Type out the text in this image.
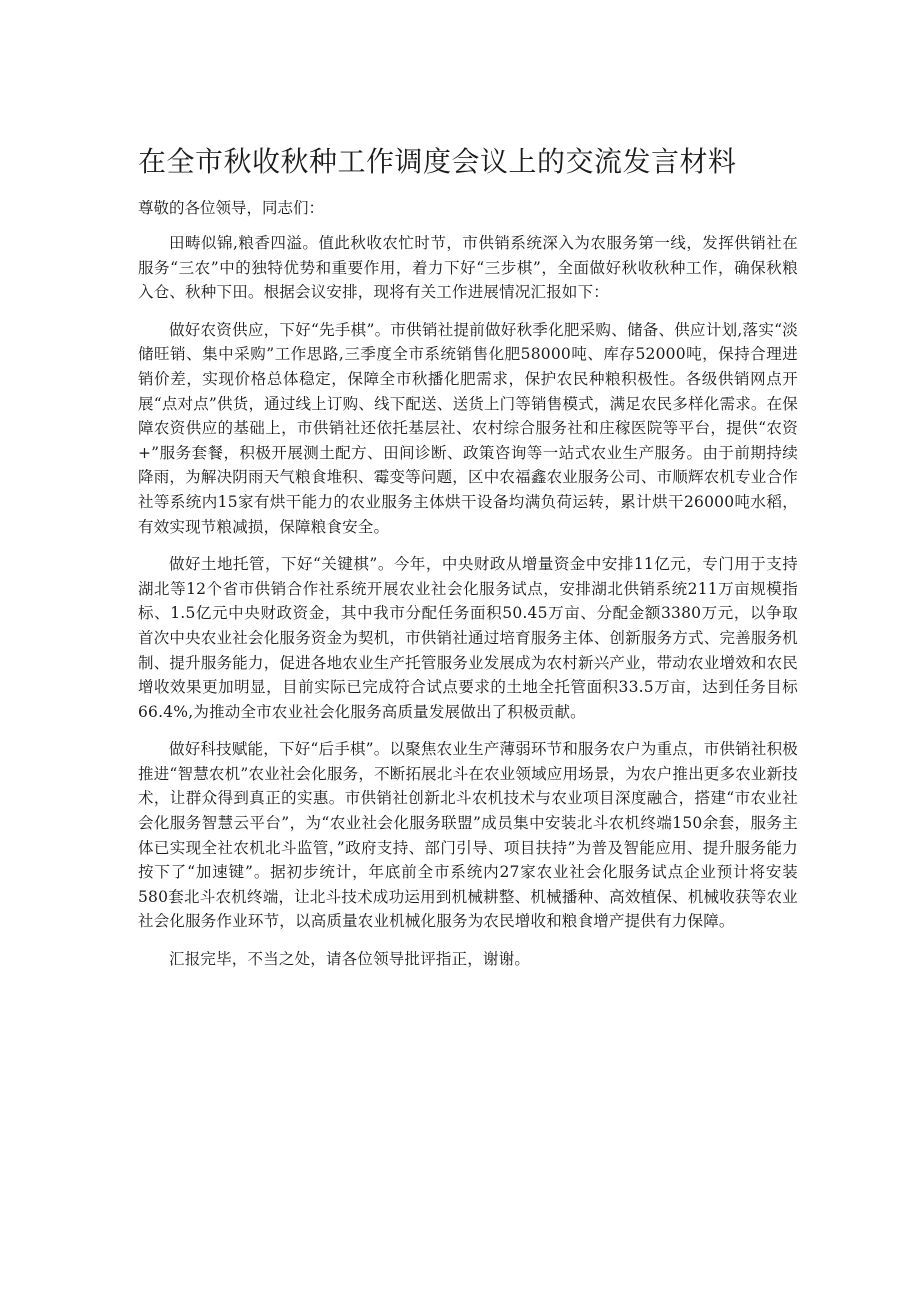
在全市秋收秋种工作调度会议上的交流发言材料

尊敬的各位领导，同志们：

田畴似锦,粮香四溢。值此秋收农忙时节，市供销系统深入为农服务第一线，发挥供销社在服务“三农”中的独特优势和重要作用，着力下好“三步棋”，全面做好秋收秋种工作，确保秋粮入仓、秋种下田。根据会议安排，现将有关工作进展情况汇报如下：

做好农资供应，下好“先手棋”。市供销社提前做好秋季化肥采购、储备、供应计划,落实“淡储旺销、集中采购”工作思路,三季度全市系统销售化肥58000吨、库存52000吨，保持合理进销价差，实现价格总体稳定，保障全市秋播化肥需求，保护农民种粮积极性。各级供销网点开展“点对点”供货，通过线上订购、线下配送、送货上门等销售模式，满足农民多样化需求。在保障农资供应的基础上，市供销社还依托基层社、农村综合服务社和庄稼医院等平台，提供“农资+”服务套餐，积极开展测土配方、田间诊断、政策咨询等一站式农业生产服务。由于前期持续降雨，为解决阴雨天气粮食堆积、霉变等问题，区中农福鑫农业服务公司、市顺辉农机专业合作社等系统内15家有烘干能力的农业服务主体烘干设备均满负荷运转，累计烘干26000吨水稻，有效实现节粮减损，保障粮食安全。

做好土地托管，下好“关键棋”。今年，中央财政从增量资金中安排11亿元，专门用于支持湖北等12个省市供销合作社系统开展农业社会化服务试点，安排湖北供销系统211万亩规模指标、1.5亿元中央财政资金，其中我市分配任务面积50.45万亩、分配金额3380万元，以争取首次中央农业社会化服务资金为契机，市供销社通过培育服务主体、创新服务方式、完善服务机制、提升服务能力，促进各地农业生产托管服务业发展成为农村新兴产业，带动农业增效和农民增收效果更加明显，目前实际已完成符合试点要求的土地全托管面积33.5万亩，达到任务目标66.4%,为推动全市农业社会化服务高质量发展做出了积极贡献。

做好科技赋能，下好“后手棋”。以聚焦农业生产薄弱环节和服务农户为重点，市供销社积极推进“智慧农机”农业社会化服务，不断拓展北斗在农业领域应用场景，为农户推出更多农业新技术，让群众得到真正的实惠。市供销社创新北斗农机技术与农业项目深度融合，搭建“市农业社会化服务智慧云平台”，为“农业社会化服务联盟”成员集中安装北斗农机终端150余套，服务主体已实现全社农机北斗监管，”政府支持、部门引导、项目扶持”为普及智能应用、提升服务能力按下了“加速键”。据初步统计，年底前全市系统内27家农业社会化服务试点企业预计将安装580套北斗农机终端，让北斗技术成功运用到机械耕整、机械播种、高效植保、机械收获等农业社会化服务作业环节，以高质量农业机械化服务为农民增收和粮食增产提供有力保障。

汇报完毕，不当之处，请各位领导批评指正，谢谢。
